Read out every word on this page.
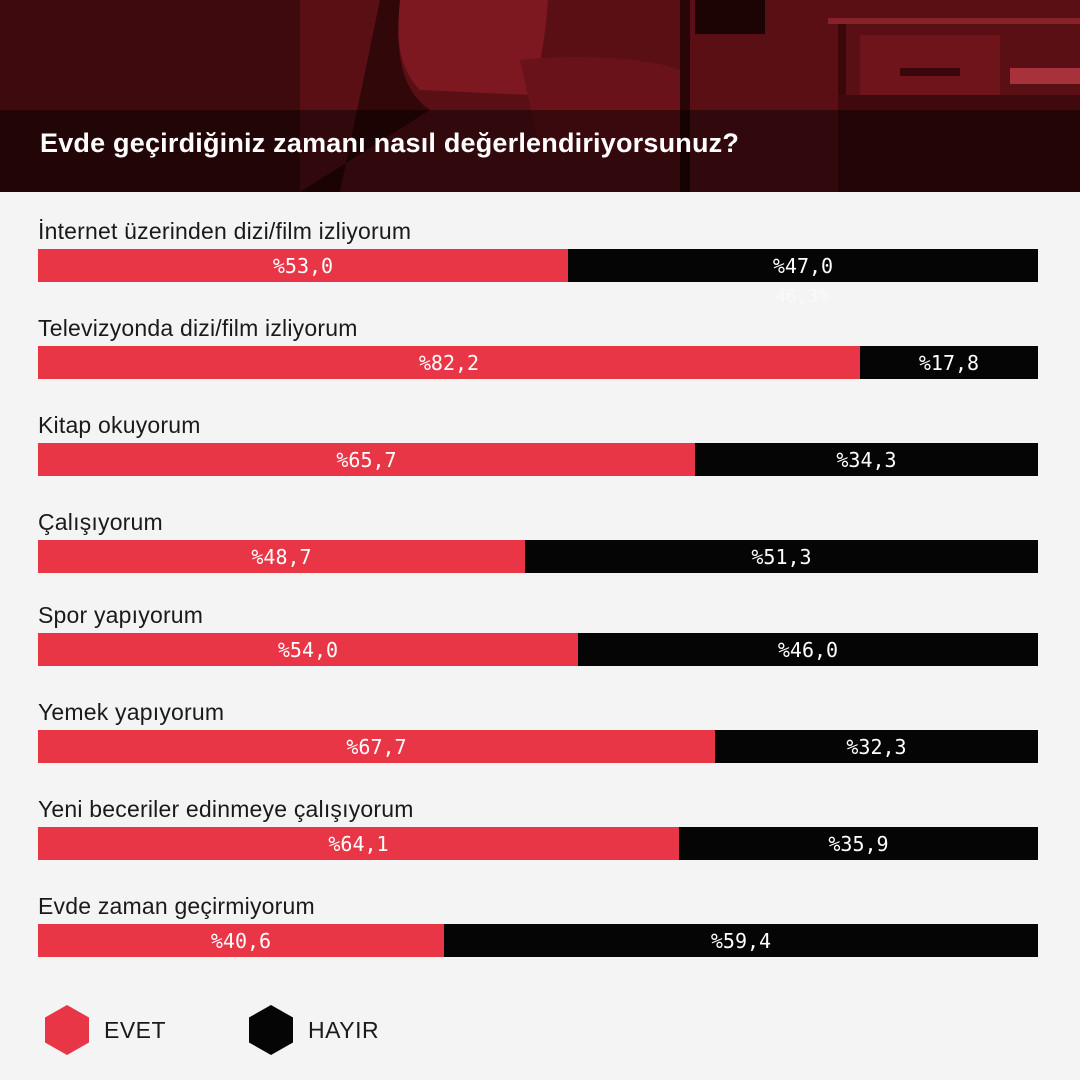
Evde geçirdiğiniz zamanı nasıl değerlendiriyorsunuz?
İnternet üzerinden dizi/film izliyorum
%53,0	%47,0
46,3%
Televizyonda dizi/film izliyorum
%82,2	%17,8
Kitap okuyorum
%65,7	%34,3
Çalışıyorum
%48,7	%51,3
Spor yapıyorum
%54,0	%46,0
Yemek yapıyorum
%67,7	%32,3
Yeni beceriler edinmeye çalışıyorum
%64,1	%35,9
Evde zaman geçirmiyorum
%40,6	%59,4
EVET	HAYIR
